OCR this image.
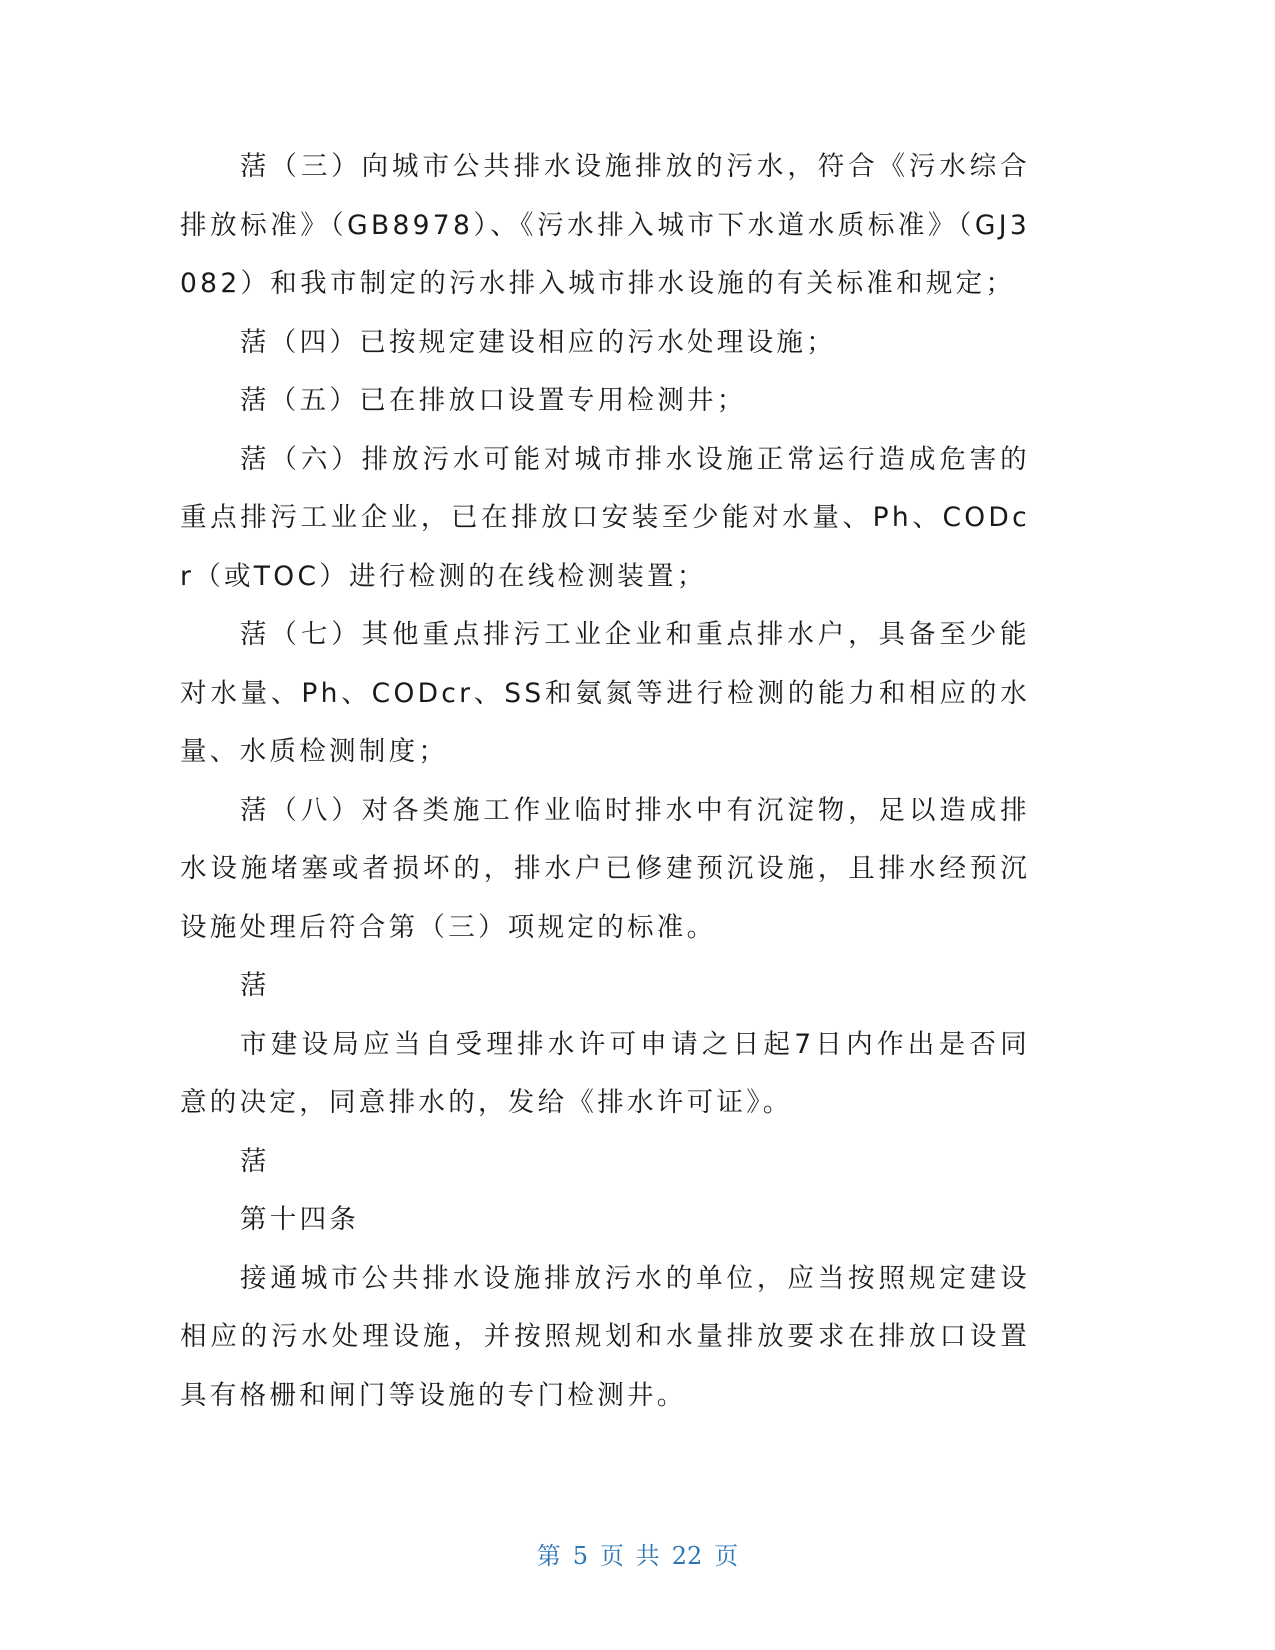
萿（三）向城市公共排水设施排放的污水，符合《污水综合排放标准》（GB8978）、《污水排入城市下水道水质标准》（GJ3082）和我市制定的污水排入城市排水设施的有关标准和规定；

萿（四）已按规定建设相应的污水处理设施；

萿（五）已在排放口设置专用检测井；

萿（六）排放污水可能对城市排水设施正常运行造成危害的重点排污工业企业，已在排放口安装至少能对水量、Ph、CODcr（或TOC）进行检测的在线检测装置；

萿（七）其他重点排污工业企业和重点排水户，具备至少能对水量、Ph、CODcr、SS和氨氮等进行检测的能力和相应的水量、水质检测制度；

萿（八）对各类施工作业临时排水中有沉淀物，足以造成排水设施堵塞或者损坏的，排水户已修建预沉设施，且排水经预沉设施处理后符合第（三）项规定的标准。

萿

市建设局应当自受理排水许可申请之日起7日内作出是否同意的决定，同意排水的，发给《排水许可证》。

萿

第十四条

接通城市公共排水设施排放污水的单位，应当按照规定建设相应的污水处理设施，并按照规划和水量排放要求在排放口设置具有格栅和闸门等设施的专门检测井。

第 5 页 共 22 页
